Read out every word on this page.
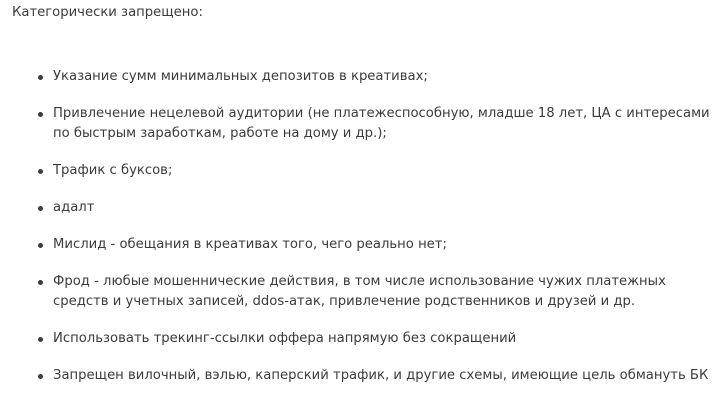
Категорически запрещено:

Указание сумм минимальных депозитов в креативах;
Привлечение нецелевой аудитории (не платежеспособную, младше 18 лет, ЦА с интересами по быстрым заработкам, работе на дому и др.);
Трафик с буксов;
адалт
Мислид - обещания в креативах того, чего реально нет;
Фрод - любые мошеннические действия, в том числе использование чужих платежных средств и учетных записей, ddos-атак, привлечение родственников и друзей и др.
Использовать трекинг-ссылки оффера напрямую без сокращений
Запрещен вилочный, вэлью, каперский трафик, и другие схемы, имеющие цель обмануть БК
